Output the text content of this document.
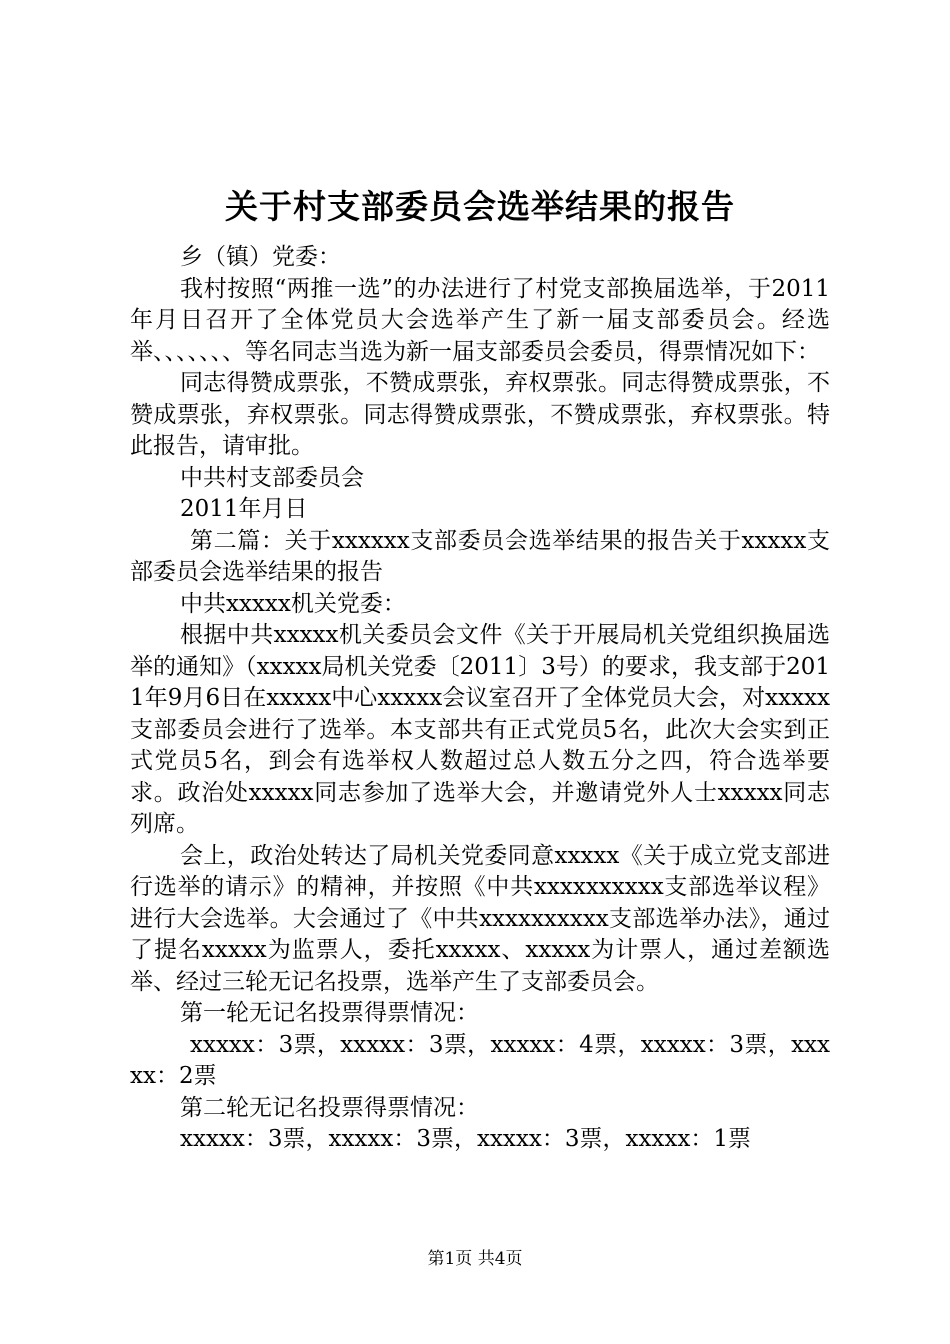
关于村支部委员会选举结果的报告

乡（镇）党委：

我村按照“两推一选”的办法进行了村党支部换届选举，于2011年月日召开了全体党员大会选举产生了新一届支部委员会。经选举、、、、、、、等名同志当选为新一届支部委员会委员，得票情况如下：

同志得赞成票张，不赞成票张，弃权票张。同志得赞成票张，不赞成票张，弃权票张。同志得赞成票张，不赞成票张，弃权票张。特此报告，请审批。

中共村支部委员会

2011年月日

第二篇：关于xxxxxx支部委员会选举结果的报告关于xxxxx支部委员会选举结果的报告

中共xxxxx机关党委：

根据中共xxxxx机关委员会文件《关于开展局机关党组织换届选举的通知》（xxxxx局机关党委〔2011〕3号）的要求，我支部于2011年9月6日在xxxxx中心xxxxx会议室召开了全体党员大会，对xxxxx支部委员会进行了选举。本支部共有正式党员5名，此次大会实到正式党员5名，到会有选举权人数超过总人数五分之四，符合选举要求。政治处xxxxx同志参加了选举大会，并邀请党外人士xxxxx同志列席。

会上，政治处转达了局机关党委同意xxxxx《关于成立党支部进行选举的请示》的精神，并按照《中共xxxxxxxxxx支部选举议程》进行大会选举。大会通过了《中共xxxxxxxxxx支部选举办法》，通过了提名xxxxx为监票人，委托xxxxx、xxxxx为计票人，通过差额选举、经过三轮无记名投票，选举产生了支部委员会。

第一轮无记名投票得票情况：

xxxxx：3票，xxxxx：3票，xxxxx：4票，xxxxx：3票，xxxxx：2票

第二轮无记名投票得票情况：

xxxxx：3票，xxxxx：3票，xxxxx：3票，xxxxx：1票

第1页 共4页
